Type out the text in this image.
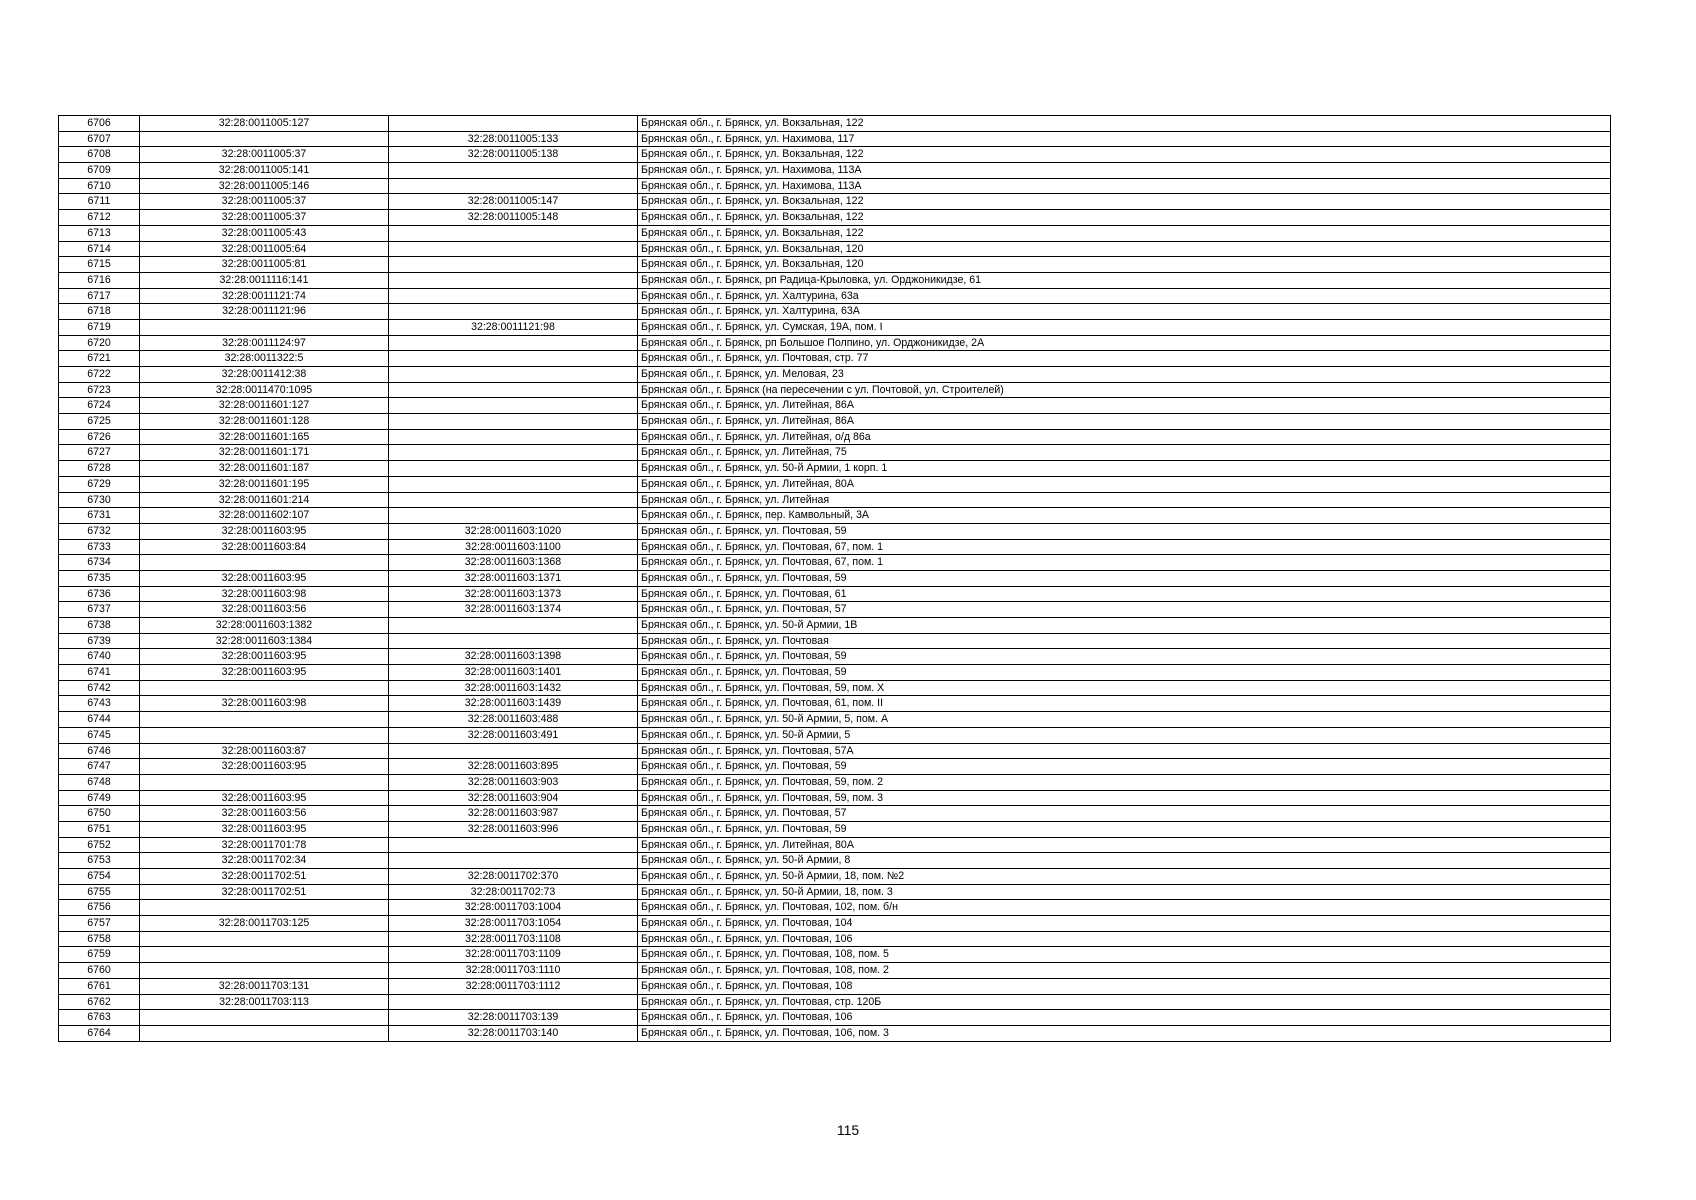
6706	32:28:0011005:127		Брянская обл., г. Брянск, ул. Вокзальная, 122
6707		32:28:0011005:133	Брянская обл., г. Брянск, ул. Нахимова, 117
6708	32:28:0011005:37	32:28:0011005:138	Брянская обл., г. Брянск, ул. Вокзальная, 122
6709	32:28:0011005:141		Брянская обл., г. Брянск, ул. Нахимова, 113А
6710	32:28:0011005:146		Брянская обл., г. Брянск, ул. Нахимова, 113А
6711	32:28:0011005:37	32:28:0011005:147	Брянская обл., г. Брянск, ул. Вокзальная, 122
6712	32:28:0011005:37	32:28:0011005:148	Брянская обл., г. Брянск, ул. Вокзальная, 122
6713	32:28:0011005:43		Брянская обл., г. Брянск, ул. Вокзальная, 122
6714	32:28:0011005:64		Брянская обл., г. Брянск, ул. Вокзальная, 120
6715	32:28:0011005:81		Брянская обл., г. Брянск, ул. Вокзальная, 120
6716	32:28:0011116:141		Брянская обл., г. Брянск, рп Радица-Крыловка, ул. Орджоникидзе, 61
6717	32:28:0011121:74		Брянская обл., г. Брянск, ул. Халтурина, 63а
6718	32:28:0011121:96		Брянская обл., г. Брянск, ул. Халтурина, 63А
6719		32:28:0011121:98	Брянская обл., г. Брянск, ул. Сумская, 19А, пом. I
6720	32:28:0011124:97		Брянская обл., г. Брянск, рп Большое Полпино, ул. Орджоникидзе, 2А
6721	32:28:0011322:5		Брянская обл., г. Брянск, ул. Почтовая, стр. 77
6722	32:28:0011412:38		Брянская обл., г. Брянск, ул. Меловая, 23
6723	32:28:0011470:1095		Брянская обл., г. Брянск (на пересечении с ул. Почтовой, ул. Строителей)
6724	32:28:0011601:127		Брянская обл., г. Брянск, ул. Литейная, 86А
6725	32:28:0011601:128		Брянская обл., г. Брянск, ул. Литейная, 86А
6726	32:28:0011601:165		Брянская обл., г. Брянск, ул. Литейная, о/д 86а
6727	32:28:0011601:171		Брянская обл., г. Брянск, ул. Литейная, 75
6728	32:28:0011601:187		Брянская обл., г. Брянск, ул. 50-й Армии, 1 корп. 1
6729	32:28:0011601:195		Брянская обл., г. Брянск, ул. Литейная, 80А
6730	32:28:0011601:214		Брянская обл., г. Брянск, ул. Литейная
6731	32:28:0011602:107		Брянская обл., г. Брянск, пер. Камвольный, 3А
6732	32:28:0011603:95	32:28:0011603:1020	Брянская обл., г. Брянск, ул. Почтовая, 59
6733	32:28:0011603:84	32:28:0011603:1100	Брянская обл., г. Брянск, ул. Почтовая, 67, пом. 1
6734		32:28:0011603:1368	Брянская обл., г. Брянск, ул. Почтовая, 67, пом. 1
6735	32:28:0011603:95	32:28:0011603:1371	Брянская обл., г. Брянск, ул. Почтовая, 59
6736	32:28:0011603:98	32:28:0011603:1373	Брянская обл., г. Брянск, ул. Почтовая, 61
6737	32:28:0011603:56	32:28:0011603:1374	Брянская обл., г. Брянск, ул. Почтовая, 57
6738	32:28:0011603:1382		Брянская обл., г. Брянск, ул. 50-й Армии, 1В
6739	32:28:0011603:1384		Брянская обл., г. Брянск, ул. Почтовая
6740	32:28:0011603:95	32:28:0011603:1398	Брянская обл., г. Брянск, ул. Почтовая, 59
6741	32:28:0011603:95	32:28:0011603:1401	Брянская обл., г. Брянск, ул. Почтовая, 59
6742		32:28:0011603:1432	Брянская обл., г. Брянск, ул. Почтовая, 59, пом. X
6743	32:28:0011603:98	32:28:0011603:1439	Брянская обл., г. Брянск, ул. Почтовая, 61, пом. II
6744		32:28:0011603:488	Брянская обл., г. Брянск, ул. 50-й Армии, 5, пом. А
6745		32:28:0011603:491	Брянская обл., г. Брянск, ул. 50-й Армии, 5
6746	32:28:0011603:87		Брянская обл., г. Брянск, ул. Почтовая, 57А
6747	32:28:0011603:95	32:28:0011603:895	Брянская обл., г. Брянск, ул. Почтовая, 59
6748		32:28:0011603:903	Брянская обл., г. Брянск, ул. Почтовая, 59, пом. 2
6749	32:28:0011603:95	32:28:0011603:904	Брянская обл., г. Брянск, ул. Почтовая, 59, пом. 3
6750	32:28:0011603:56	32:28:0011603:987	Брянская обл., г. Брянск, ул. Почтовая, 57
6751	32:28:0011603:95	32:28:0011603:996	Брянская обл., г. Брянск, ул. Почтовая, 59
6752	32:28:0011701:78		Брянская обл., г. Брянск, ул. Литейная, 80А
6753	32:28:0011702:34		Брянская обл., г. Брянск, ул. 50-й Армии, 8
6754	32:28:0011702:51	32:28:0011702:370	Брянская обл., г. Брянск, ул. 50-й Армии, 18, пом. №2
6755	32:28:0011702:51	32:28:0011702:73	Брянская обл., г. Брянск, ул. 50-й Армии, 18, пом. 3
6756		32:28:0011703:1004	Брянская обл., г. Брянск, ул. Почтовая, 102, пом. б/н
6757	32:28:0011703:125	32:28:0011703:1054	Брянская обл., г. Брянск, ул. Почтовая, 104
6758		32:28:0011703:1108	Брянская обл., г. Брянск, ул. Почтовая, 106
6759		32:28:0011703:1109	Брянская обл., г. Брянск, ул. Почтовая, 108, пом. 5
6760		32:28:0011703:1110	Брянская обл., г. Брянск, ул. Почтовая, 108, пом. 2
6761	32:28:0011703:131	32:28:0011703:1112	Брянская обл., г. Брянск, ул. Почтовая, 108
6762	32:28:0011703:113		Брянская обл., г. Брянск, ул. Почтовая, стр. 120Б
6763		32:28:0011703:139	Брянская обл., г. Брянск, ул. Почтовая, 106
6764		32:28:0011703:140	Брянская обл., г. Брянск, ул. Почтовая, 106, пом. 3
115
